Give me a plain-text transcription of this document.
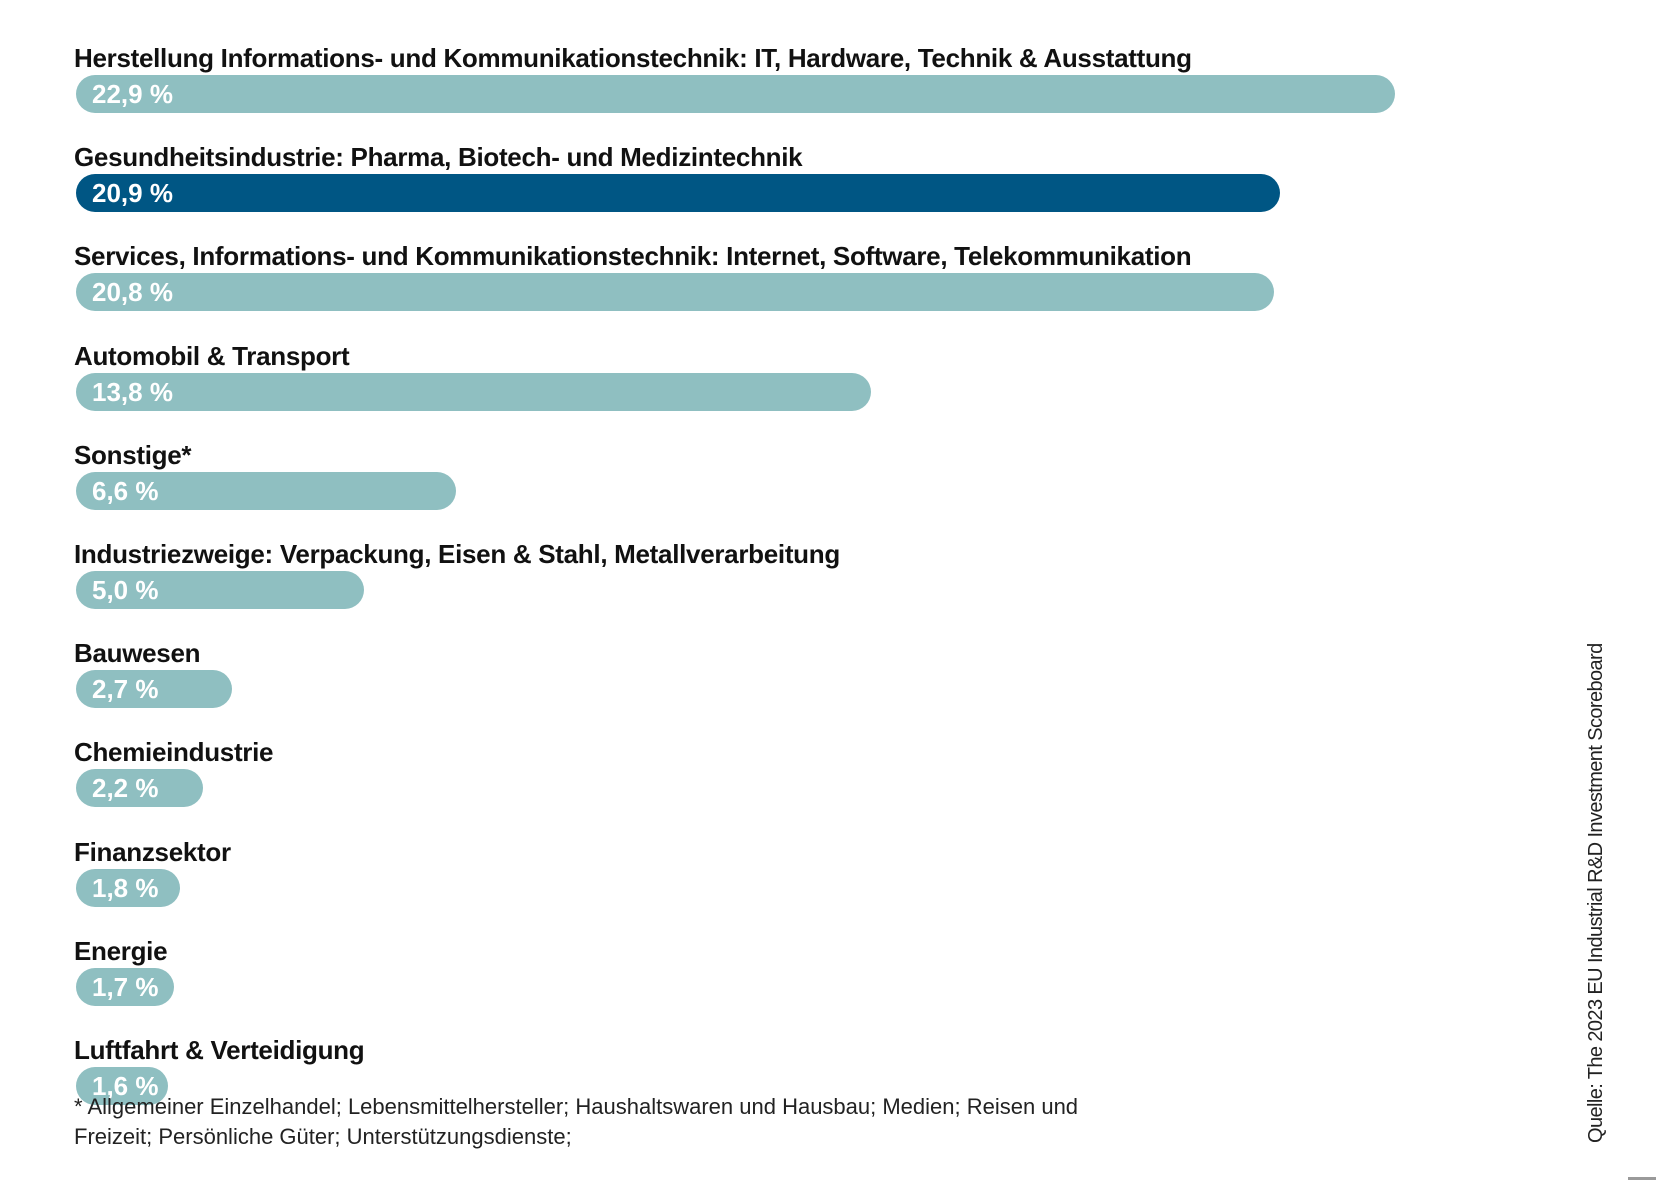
Herstellung Informations- und Kommunikationstechnik: IT, Hardware, Technik & Ausstattung
22,9 %
Gesundheitsindustrie: Pharma, Biotech- und Medizintechnik
20,9 %
Services, Informations- und Kommunikationstechnik: Internet, Software, Telekommunikation
20,8 %
Automobil & Transport
13,8 %
Sonstige*
6,6 %
Industriezweige: Verpackung, Eisen & Stahl, Metallverarbeitung
5,0 %
Bauwesen
2,7 %
Chemieindustrie
2,2 %
Finanzsektor
1,8 %
Energie
1,7 %
Luftfahrt & Verteidigung
1,6 %
* Allgemeiner Einzelhandel; Lebensmittelhersteller; Haushaltswaren und Hausbau; Medien; Reisen und Freizeit; Persönliche Güter; Unterstützungsdienste;	Quelle: The 2023 EU Industrial R&D Investment Scoreboard
